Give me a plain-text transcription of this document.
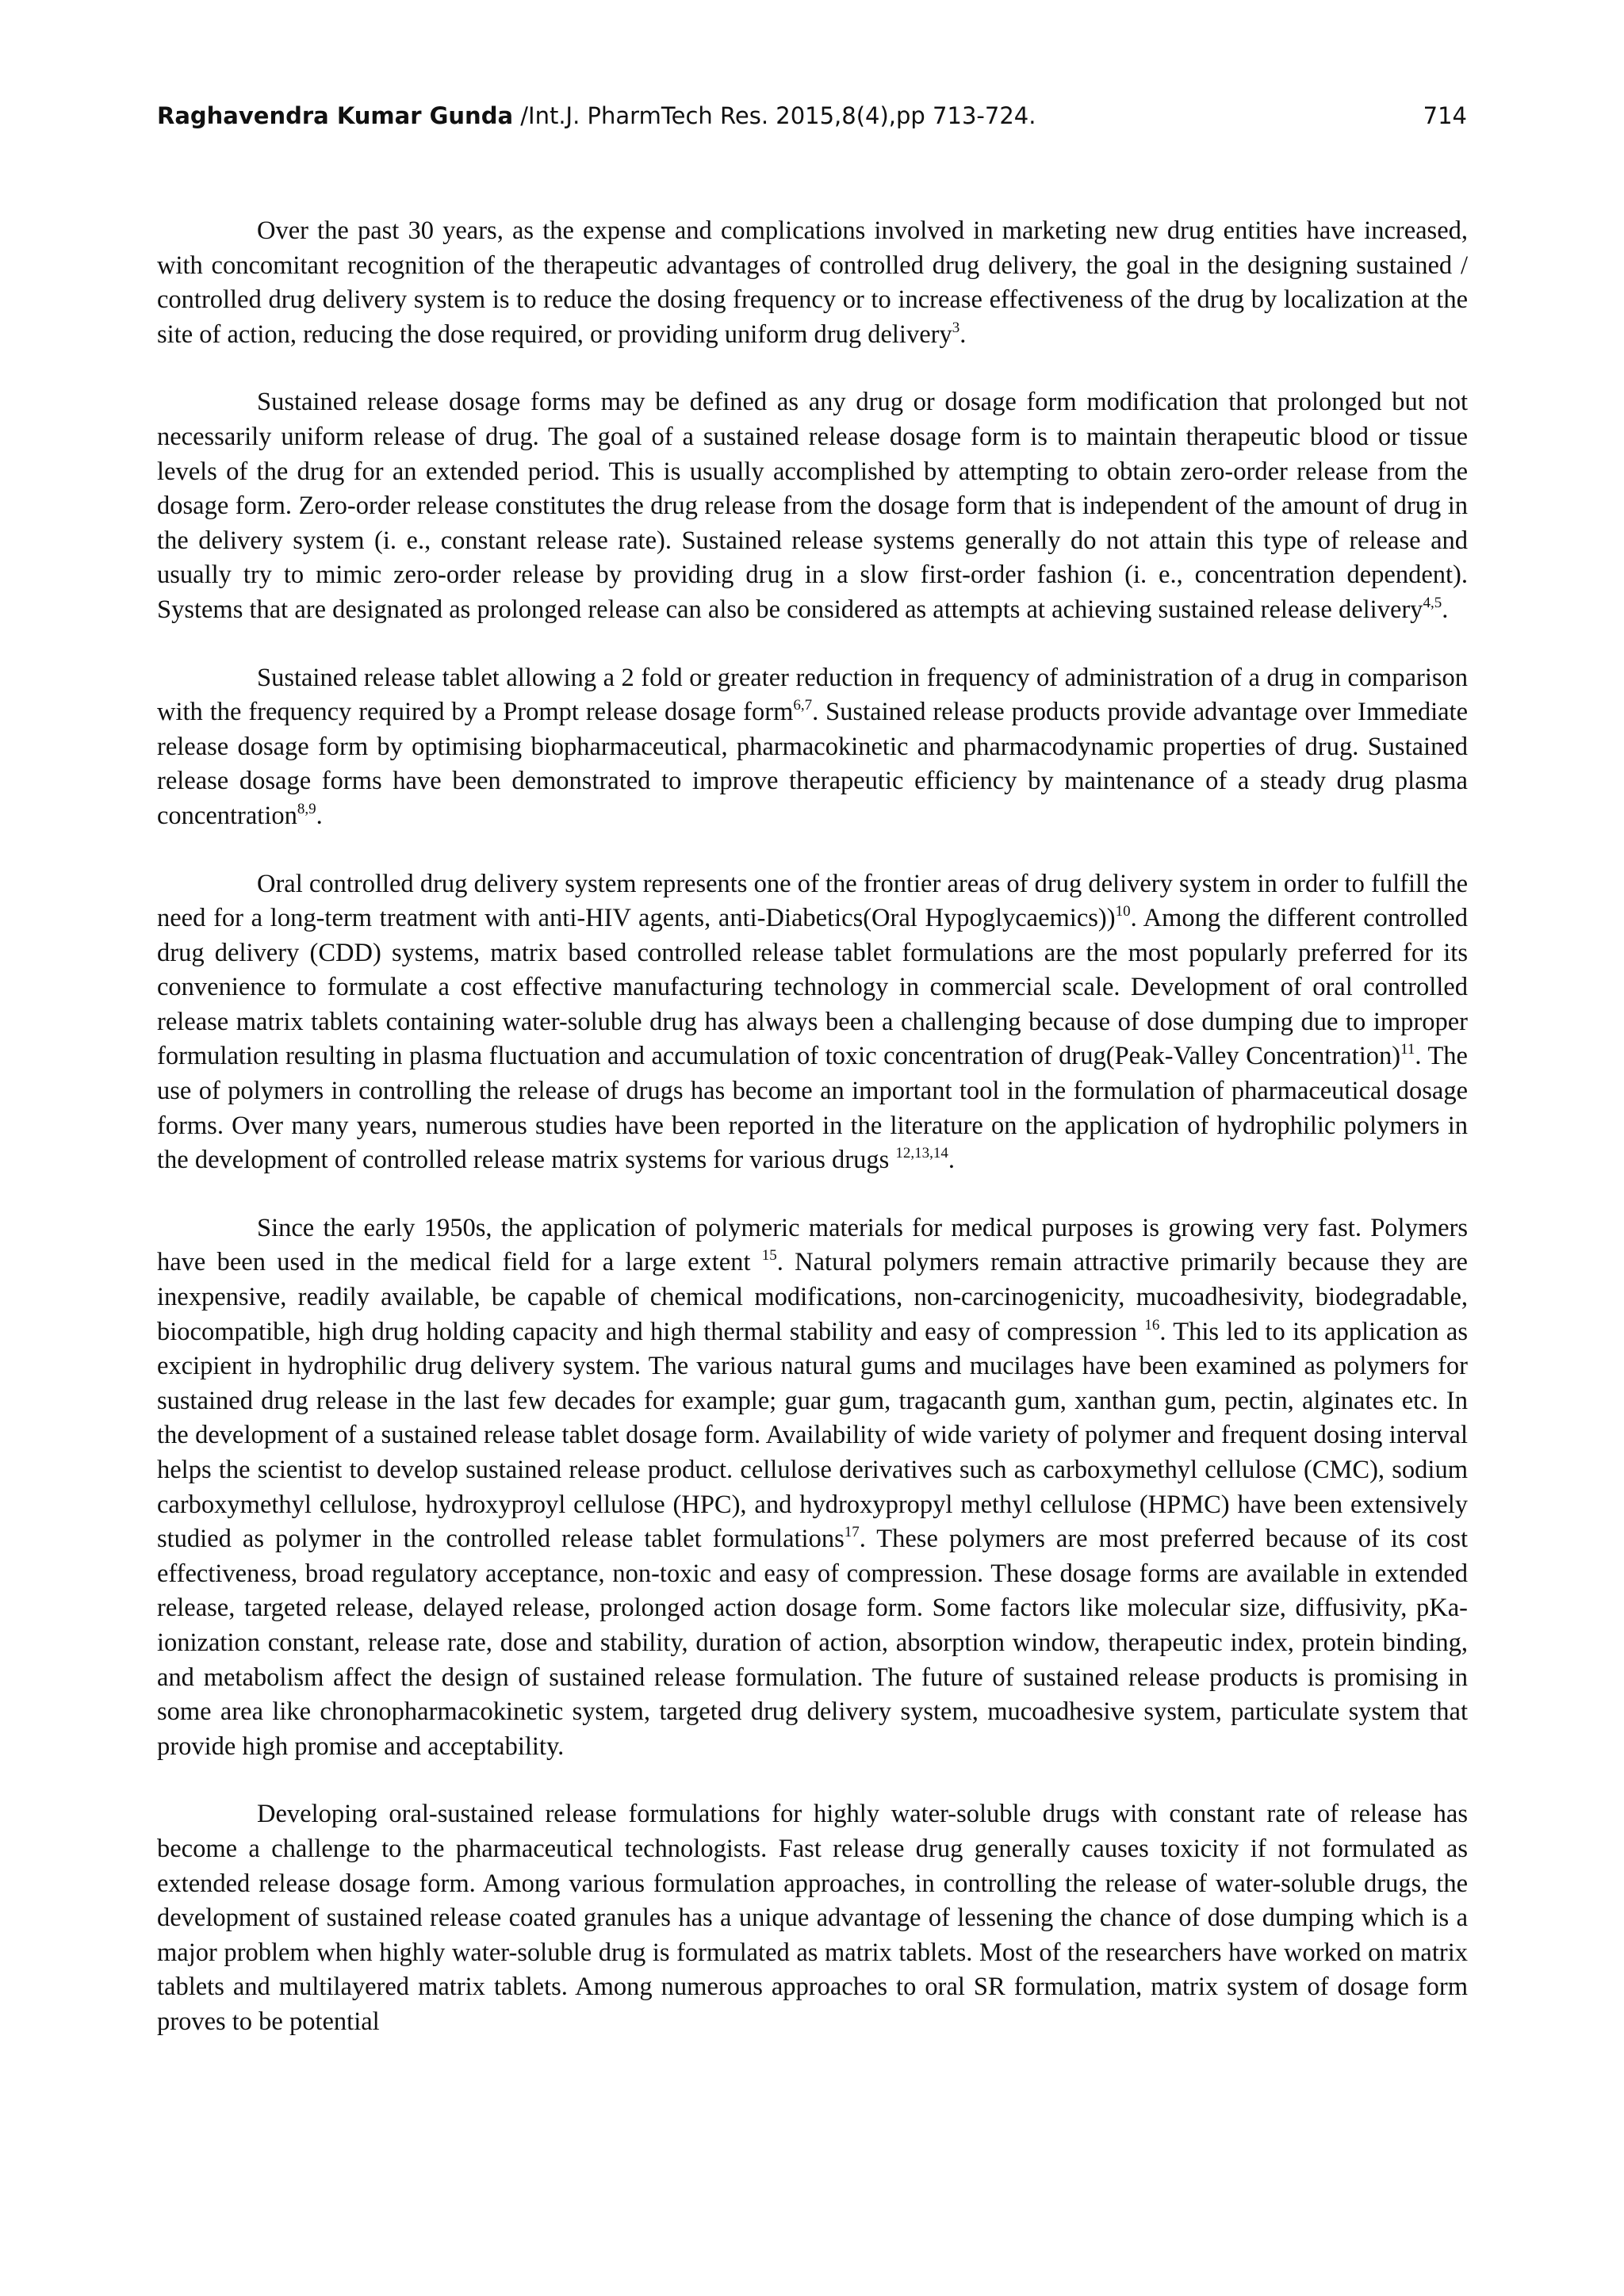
Raghavendra Kumar Gunda /Int.J. PharmTech Res. 2015,8(4),pp 713-724.	714

Over the past 30 years, as the expense and complications involved in marketing new drug entities have increased, with concomitant recognition of the therapeutic advantages of controlled drug delivery, the goal in the designing sustained / controlled drug delivery system is to reduce the dosing frequency or to increase effectiveness of the drug by localization at the site of action, reducing the dose required, or providing uniform drug delivery$^3$.

Sustained release dosage forms may be defined as any drug or dosage form modification that prolonged but not necessarily uniform release of drug. The goal of a sustained release dosage form is to maintain therapeutic blood or tissue levels of the drug for an extended period. This is usually accomplished by attempting to obtain zero-order release from the dosage form. Zero-order release constitutes the drug release from the dosage form that is independent of the amount of drug in the delivery system (i. e., constant release rate). Sustained release systems generally do not attain this type of release and usually try to mimic zero-order release by providing drug in a slow first-order fashion (i. e., concentration dependent). Systems that are designated as prolonged release can also be considered as attempts at achieving sustained release delivery$^{4,5}$.

Sustained release tablet allowing a 2 fold or greater reduction in frequency of administration of a drug in comparison with the frequency required by a Prompt release dosage form$^{6,7}$. Sustained release products provide advantage over Immediate release dosage form by optimising biopharmaceutical, pharmacokinetic and pharmacodynamic properties of drug. Sustained release dosage forms have been demonstrated to improve therapeutic efficiency by maintenance of a steady drug plasma concentration$^{8,9}$.

Oral controlled drug delivery system represents one of the frontier areas of drug delivery system in order to fulfill the need for a long-term treatment with anti-HIV agents, anti-Diabetics(Oral Hypoglycaemics))$^{10}$. Among the different controlled drug delivery (CDD) systems, matrix based controlled release tablet formulations are the most popularly preferred for its convenience to formulate a cost effective manufacturing technology in commercial scale. Development of oral controlled release matrix tablets containing water-soluble drug has always been a challenging because of dose dumping due to improper formulation resulting in plasma fluctuation and accumulation of toxic concentration of drug(Peak-Valley Concentration)$^{11}$. The use of polymers in controlling the release of drugs has become an important tool in the formulation of pharmaceutical dosage forms. Over many years, numerous studies have been reported in the literature on the application of hydrophilic polymers in the development of controlled release matrix systems for various drugs $^{12,13,14}$.

Since the early 1950s, the application of polymeric materials for medical purposes is growing very fast. Polymers have been used in the medical field for a large extent $^{15}$. Natural polymers remain attractive primarily because they are inexpensive, readily available, be capable of chemical modifications, non-carcinogenicity, mucoadhesivity, biodegradable, biocompatible, high drug holding capacity and high thermal stability and easy of compression $^{16}$. This led to its application as excipient in hydrophilic drug delivery system. The various natural gums and mucilages have been examined as polymers for sustained drug release in the last few decades for example; guar gum, tragacanth gum, xanthan gum, pectin, alginates etc. In the development of a sustained release tablet dosage form. Availability of wide variety of polymer and frequent dosing interval helps the scientist to develop sustained release product. cellulose derivatives such as carboxymethyl cellulose (CMC), sodium carboxymethyl cellulose, hydroxyproyl cellulose (HPC), and hydroxypropyl methyl cellulose (HPMC) have been extensively studied as polymer in the controlled release tablet formulations$^{17}$. These polymers are most preferred because of its cost effectiveness, broad regulatory acceptance, non-toxic and easy of compression. These dosage forms are available in extended release, targeted release, delayed release, prolonged action dosage form. Some factors like molecular size, diffusivity, pKa-ionization constant, release rate, dose and stability, duration of action, absorption window, therapeutic index, protein binding, and metabolism affect the design of sustained release formulation. The future of sustained release products is promising in some area like chronopharmacokinetic system, targeted drug delivery system, mucoadhesive system, particulate system that provide high promise and acceptability.

Developing oral-sustained release formulations for highly water-soluble drugs with constant rate of release has become a challenge to the pharmaceutical technologists. Fast release drug generally causes toxicity if not formulated as extended release dosage form. Among various formulation approaches, in controlling the release of water-soluble drugs, the development of sustained release coated granules has a unique advantage of lessening the chance of dose dumping which is a major problem when highly water-soluble drug is formulated as matrix tablets. Most of the researchers have worked on matrix tablets and multilayered matrix tablets. Among numerous approaches to oral SR formulation, matrix system of dosage form proves to be potential
